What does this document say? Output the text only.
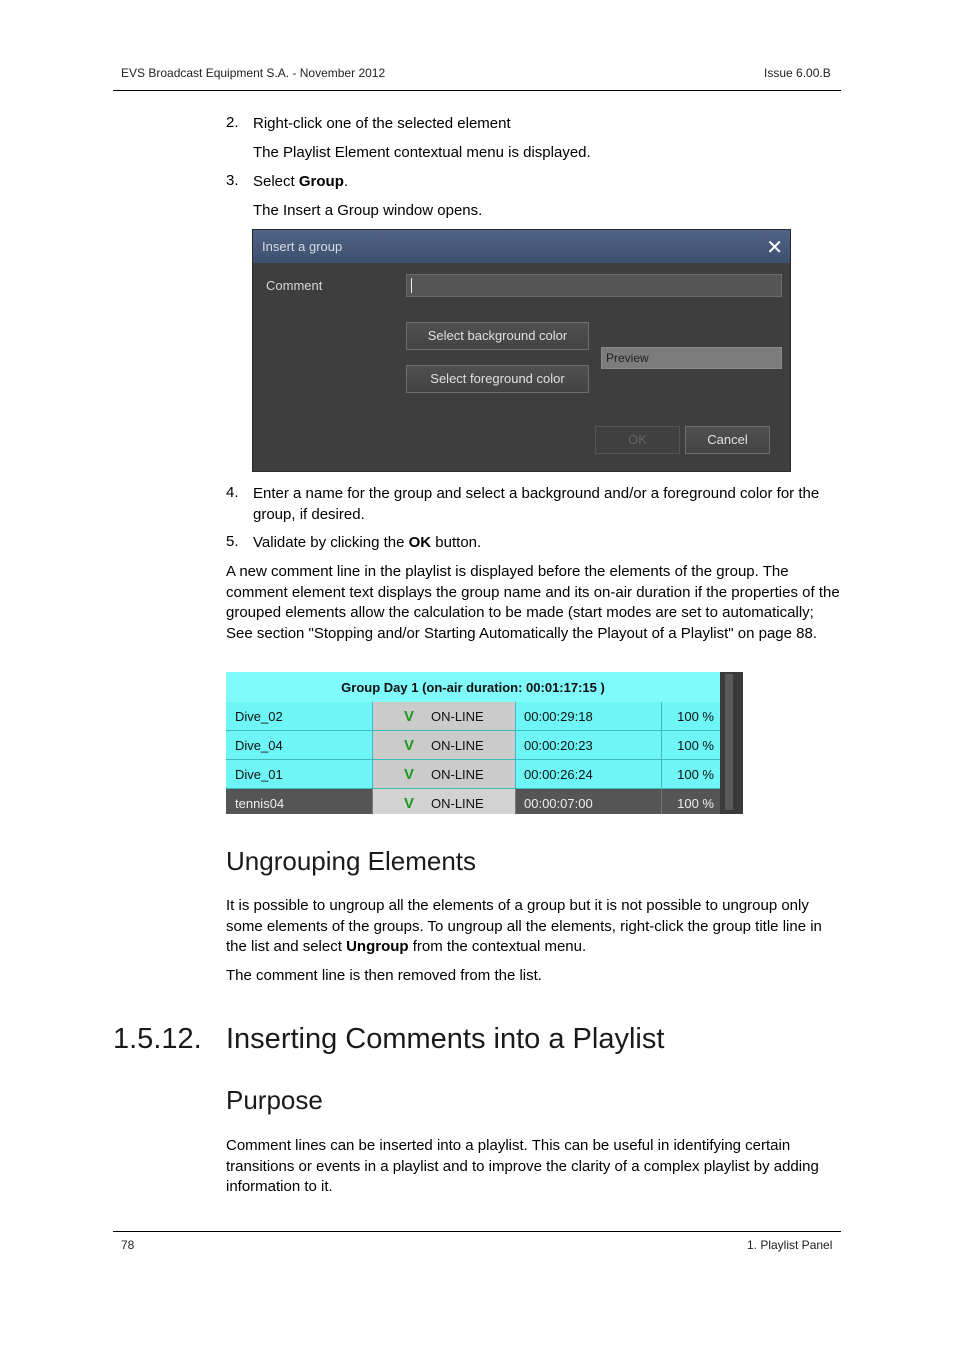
EVS Broadcast Equipment S.A. - November 2012	Issue 6.00.B
2. Right-click one of the selected element
The Playlist Element contextual menu is displayed.
3. Select Group.
The Insert a Group window opens.
Insert a group	✕
Comment
Select background color
Select foreground color
Preview
OK	Cancel
4. Enter a name for the group and select a background and/or a foreground color for the group, if desired.
5. Validate by clicking the OK button.
A new comment line in the playlist is displayed before the elements of the group. The comment element text displays the group name and its on-air duration if the properties of the grouped elements allow the calculation to be made (start modes are set to automatically; See section "Stopping and/or Starting Automatically the Playout of a Playlist" on page 88.
Group Day 1 (on-air duration: 00:01:17:15 )
Dive_02	V ON-LINE	00:00:29:18	100 %
Dive_04	V ON-LINE	00:00:20:23	100 %
Dive_01	V ON-LINE	00:00:26:24	100 %
tennis04	V ON-LINE	00:00:07:00	100 %
Ungrouping Elements
It is possible to ungroup all the elements of a group but it is not possible to ungroup only some elements of the groups. To ungroup all the elements, right-click the group title line in the list and select Ungroup from the contextual menu.
The comment line is then removed from the list.
1.5.12. Inserting Comments into a Playlist
Purpose
Comment lines can be inserted into a playlist. This can be useful in identifying certain transitions or events in a playlist and to improve the clarity of a complex playlist by adding information to it.
78	1. Playlist Panel
